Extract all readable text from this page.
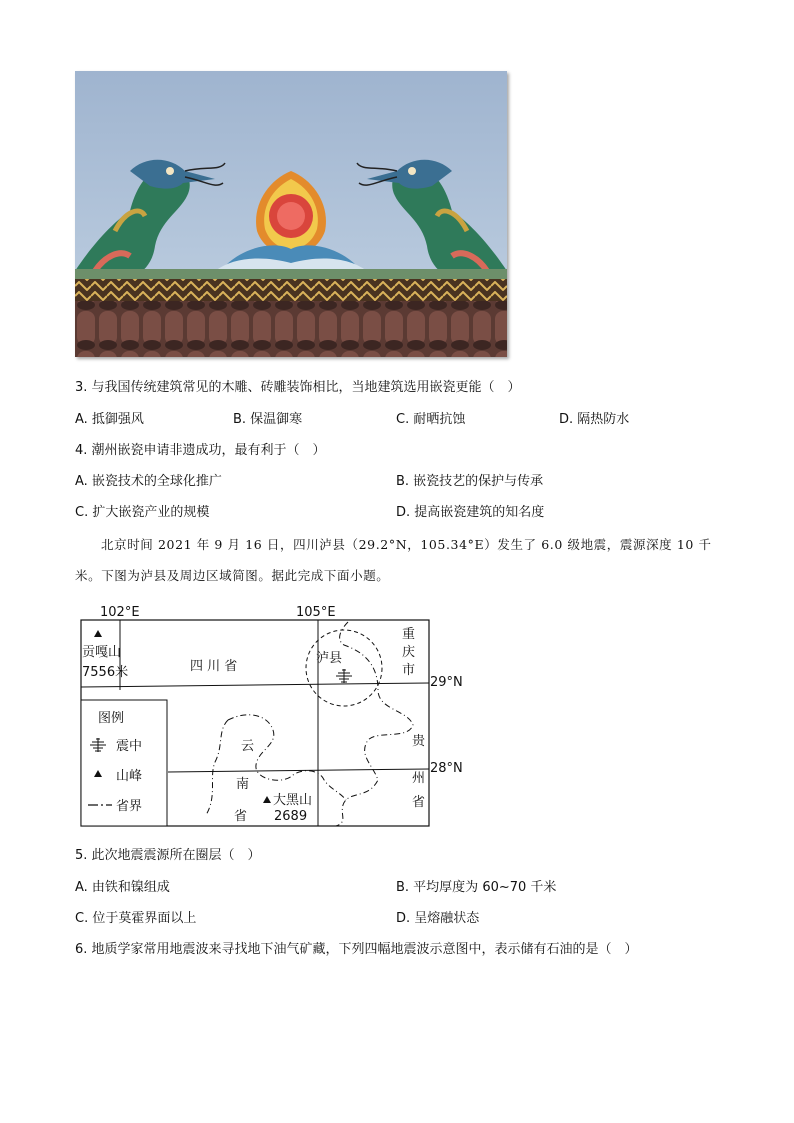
3. 与我国传统建筑常见的木雕、砖雕装饰相比，当地建筑选用嵌瓷更能（　）
A. 抵御强风	B. 保温御寒	C. 耐晒抗蚀	D. 隔热防水
4. 潮州嵌瓷申请非遗成功，最有利于（　）
A. 嵌瓷技术的全球化推广	B. 嵌瓷技艺的保护与传承
C. 扩大嵌瓷产业的规模	D. 提高嵌瓷建筑的知名度
北京时间 2021 年 9 月 16 日，四川泸县（29.2°N，105.34°E）发生了 6.0 级地震，震源深度 10 千
米。下图为泸县及周边区域简图。据此完成下面小题。
102°E	105°E
29°N
28°N
贡嘎山
7556米	四 川 省
泸县
重
庆
市
云
南
省
贵
州
省
大黑山
2689
图例
震中
山峰
省界
5. 此次地震震源所在圈层（　）
A. 由铁和镍组成	B. 平均厚度为 60~70 千米
C. 位于莫霍界面以上	D. 呈熔融状态
6. 地质学家常用地震波来寻找地下油气矿藏，下列四幅地震波示意图中，表示储有石油的是（　）
